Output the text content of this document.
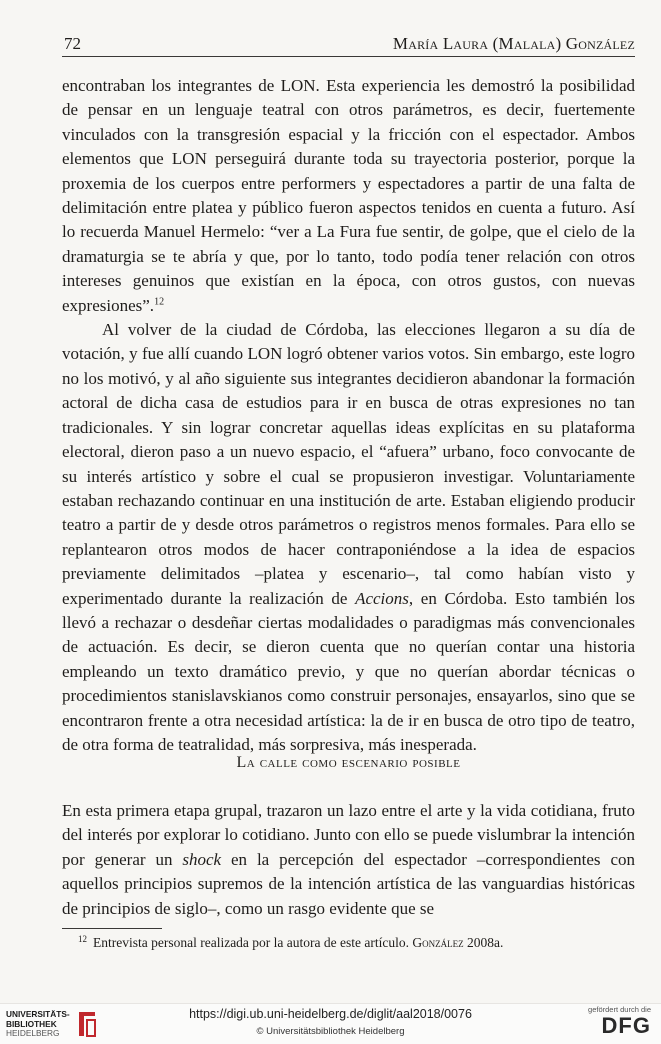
72	María Laura (Malala) González

encontraban los integrantes de LON. Esta experiencia les demostró la posibilidad de pensar en un lenguaje teatral con otros parámetros, es decir, fuertemente vinculados con la transgresión espacial y la fricción con el espectador. Ambos elementos que LON perseguirá durante toda su trayectoria posterior, porque la proxemia de los cuerpos entre performers y espectadores a partir de una falta de delimitación entre platea y público fueron aspectos tenidos en cuenta a futuro. Así lo recuerda Manuel Hermelo: “ver a La Fura fue sentir, de golpe, que el cielo de la dramaturgia se te abría y que, por lo tanto, todo podía tener relación con otros intereses genuinos que existían en la época, con otros gustos, con nuevas expresiones”.$^{12}$

Al volver de la ciudad de Córdoba, las elecciones llegaron a su día de votación, y fue allí cuando LON logró obtener varios votos. Sin embargo, este logro no los motivó, y al año siguiente sus integrantes decidieron abandonar la formación actoral de dicha casa de estudios para ir en busca de otras expresiones no tan tradicionales. Y sin lograr concretar aquellas ideas explícitas en su plataforma electoral, dieron paso a un nuevo espacio, el “afuera” urbano, foco convocante de su interés artístico y sobre el cual se propusieron investigar. Voluntariamente estaban rechazando continuar en una institución de arte. Estaban eligiendo producir teatro a partir de y desde otros parámetros o registros menos formales. Para ello se replantearon otros modos de hacer contraponiéndose a la idea de espacios previamente delimitados –platea y escenario–, tal como habían visto y experimentado durante la realización de Accions, en Córdoba. Esto también los llevó a rechazar o desdeñar ciertas modalidades o paradigmas más convencionales de actuación. Es decir, se dieron cuenta que no querían contar una historia empleando un texto dramático previo, y que no querían abordar técnicas o procedimientos stanislavskianos como construir personajes, ensayarlos, sino que se encontraron frente a otra necesidad artística: la de ir en busca de otro tipo de teatro, de otra forma de teatralidad, más sorpresiva, más inesperada.

La calle como escenario posible

En esta primera etapa grupal, trazaron un lazo entre el arte y la vida cotidiana, fruto del interés por explorar lo cotidiano. Junto con ello se puede vislumbrar la intención por generar un shock en la percepción del espectador –correspondientes con aquellos principios supremos de la intención artística de las vanguardias históricas de principios de siglo–, como un rasgo evidente que se

$^{12}$ Entrevista personal realizada por la autora de este artículo. González 2008a.
UNIVERSITÄTS-
BIBLIOTHEK
HEIDELBERG
https://digi.ub.uni-heidelberg.de/diglit/aal2018/0076
© Universitätsbibliothek Heidelberg
gefördert durch die
DFG
